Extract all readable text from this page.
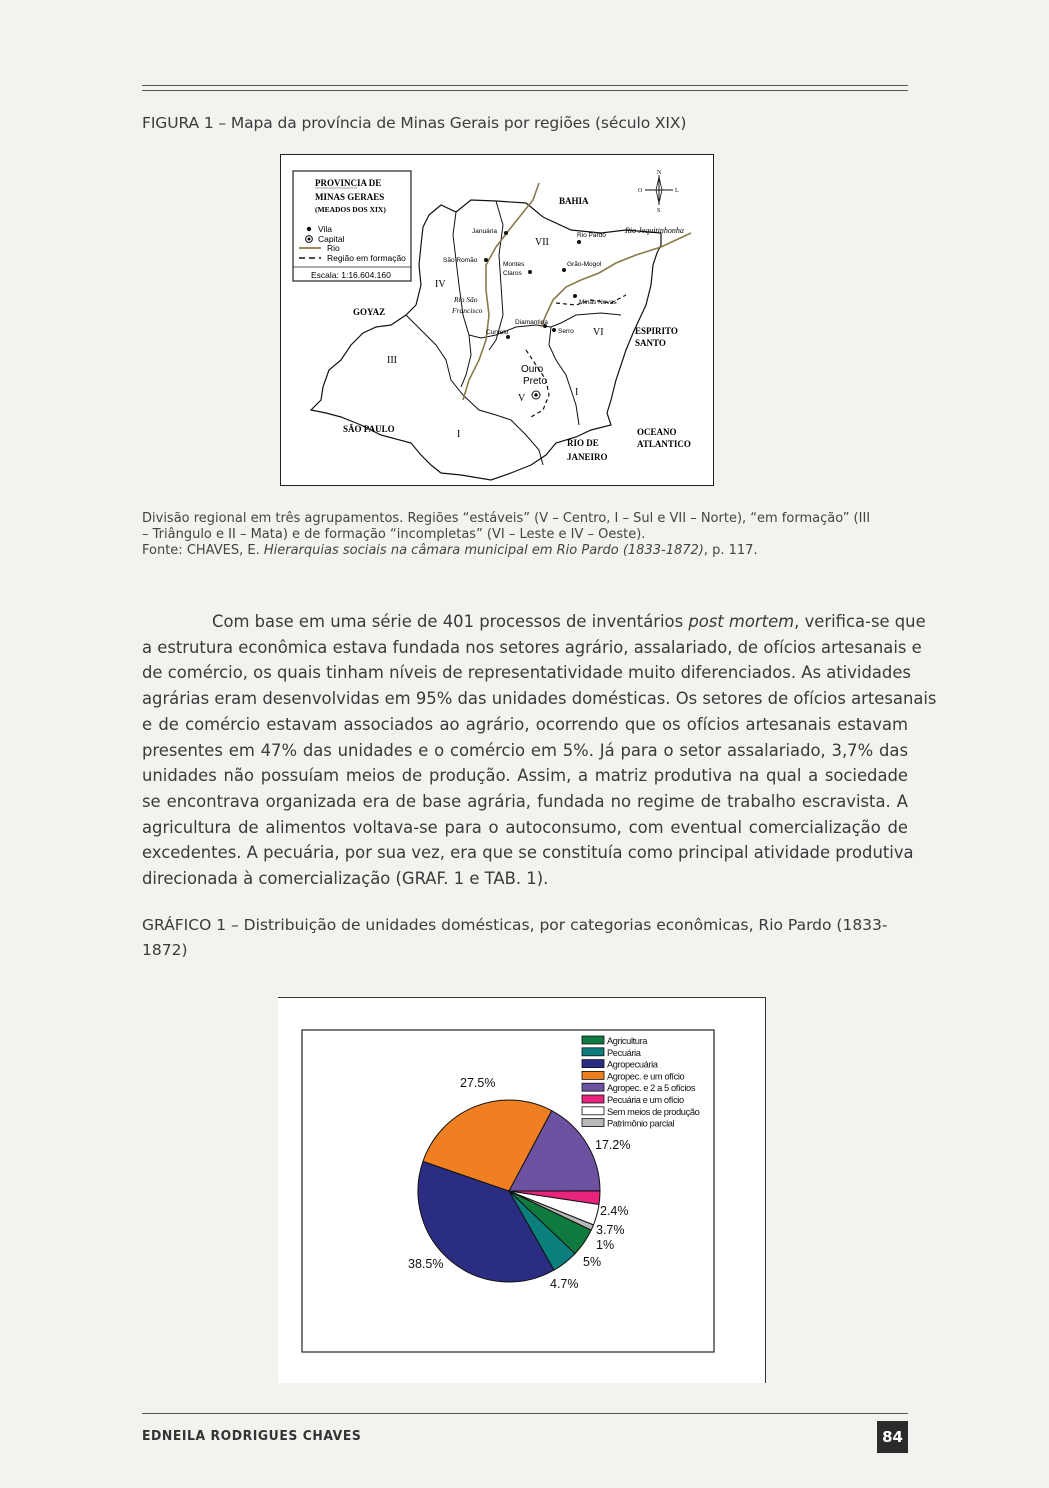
FIGURA 1 – Mapa da província de Minas Gerais por regiões (século XIX)
PROVINCIA DE
MINAS GERAES
(MEADOS DOS XIX)
Vila
Capital
Rio
Região em formação
Escala: 1:16.604.160
N
S
O	L
BAHIA
GOYAZ
ESPIRITO
SANTO
SÃO PAULO
RIO DE
JANEIRO
OCEANO
ATLANTICO
Rio Jequitinhonha
Rio São
Francisco
VII
IV
VI
III
V
I
I
Januária
Rio Pardo
São Romão
Montes
Claros
Grão-Mogol
Minas Novas
Diamantina
Curvelo	Serro
Ouro
Preto
Divisão regional em três agrupamentos. Regiões “estáveis” (V – Centro, I – Sul e VII – Norte), “em formação” (III
– Triângulo e II – Mata) e de formação “incompletas” (VI – Leste e IV – Oeste).
Fonte: CHAVES, E. Hierarquias sociais na câmara municipal em Rio Pardo (1833-1872), p. 117.
Com base em uma série de 401 processos de inventários post mortem, verifica-se que
a estrutura econômica estava fundada nos setores agrário, assalariado, de ofícios artesanais e
de comércio, os quais tinham níveis de representatividade muito diferenciados. As atividades
agrárias eram desenvolvidas em 95% das unidades domésticas. Os setores de ofícios artesanais
e de comércio estavam associados ao agrário, ocorrendo que os ofícios artesanais estavam
presentes em 47% das unidades e o comércio em 5%. Já para o setor assalariado, 3,7% das
unidades não possuíam meios de produção. Assim, a matriz produtiva na qual a sociedade
se encontrava organizada era de base agrária, fundada no regime de trabalho escravista. A
agricultura de alimentos voltava-se para o autoconsumo, com eventual comercialização de
excedentes. A pecuária, por sua vez, era que se constituía como principal atividade produtiva
direcionada à comercialização (GRAF. 1 e TAB. 1).
GRÁFICO 1 – Distribuição de unidades domésticas, por categorias econômicas, Rio Pardo (1833-
1872)
Agricultura
Pecuária
Agropecuária
Agropec. e um ofício
Agropec. e 2 a 5 ofícios
Pecuária e um ofício
Sem meios de produção
Patrimônio parcial
17.2%
2.4%
3.7%
1%
5%
4.7%
38.5%
27.5%
EDNEILA RODRIGUES CHAVES	84
